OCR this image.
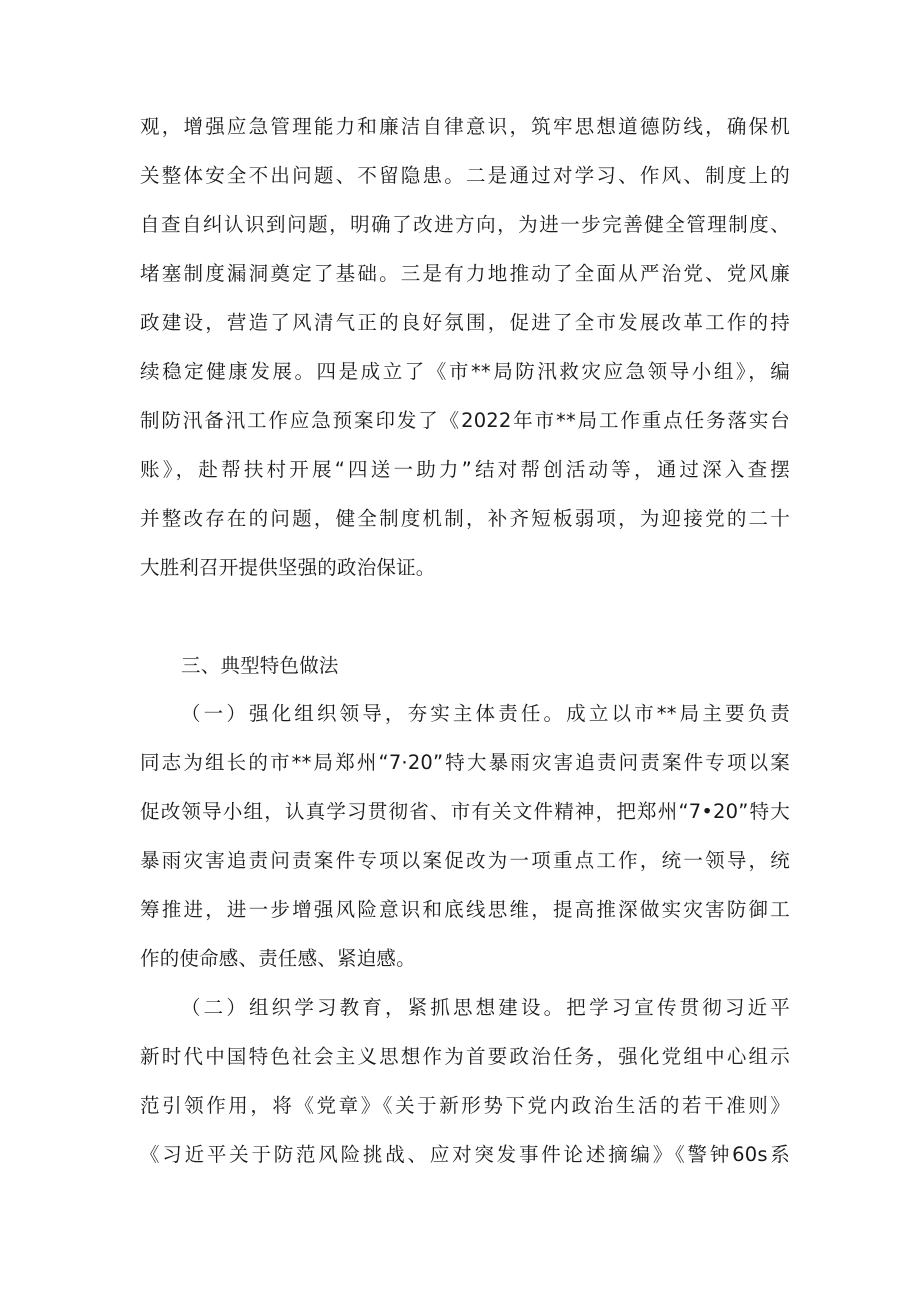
观，增强应急管理能力和廉洁自律意识，筑牢思想道德防线，确保机
关整体安全不出问题、不留隐患。二是通过对学习、作风、制度上的
自查自纠认识到问题，明确了改进方向，为进一步完善健全管理制度、
堵塞制度漏洞奠定了基础。三是有力地推动了全面从严治党、党风廉
政建设，营造了风清气正的良好氛围，促进了全市发展改革工作的持
续稳定健康发展。四是成立了《市**局防汛救灾应急领导小组》，编
制防汛备汛工作应急预案印发了《2022年市**局工作重点任务落实台
账》，赴帮扶村开展“四送一助力”结对帮创活动等，通过深入查摆
并整改存在的问题，健全制度机制，补齐短板弱项，为迎接党的二十
大胜利召开提供坚强的政治保证。
三、典型特色做法
（一）强化组织领导，夯实主体责任。成立以市**局主要负责
同志为组长的市**局郑州“7·20”特大暴雨灾害追责问责案件专项以案
促改领导小组，认真学习贯彻省、市有关文件精神，把郑州“7•20”特大
暴雨灾害追责问责案件专项以案促改为一项重点工作，统一领导，统
筹推进，进一步增强风险意识和底线思维，提高推深做实灾害防御工
作的使命感、责任感、紧迫感。
（二）组织学习教育，紧抓思想建设。把学习宣传贯彻习近平
新时代中国特色社会主义思想作为首要政治任务，强化党组中心组示
范引领作用，将《党章》《关于新形势下党内政治生活的若干准则》
《习近平关于防范风险挑战、应对突发事件论述摘编》《警钟60s系
